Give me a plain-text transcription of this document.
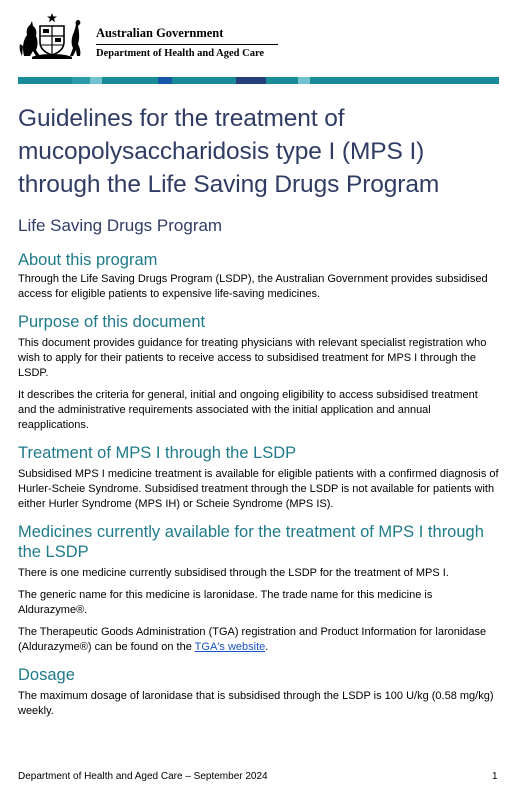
Australian Government
Department of Health and Aged Care
Guidelines for the treatment of mucopolysaccharidosis type I (MPS I) through the Life Saving Drugs Program
Life Saving Drugs Program
About this program

Through the Life Saving Drugs Program (LSDP), the Australian Government provides subsidised access for eligible patients to expensive life-saving medicines.

Purpose of this document

This document provides guidance for treating physicians with relevant specialist registration who wish to apply for their patients to receive access to subsidised treatment for MPS I through the LSDP.

It describes the criteria for general, initial and ongoing eligibility to access subsidised treatment and the administrative requirements associated with the initial application and annual reapplications.

Treatment of MPS I through the LSDP

Subsidised MPS I medicine treatment is available for eligible patients with a confirmed diagnosis of Hurler-Scheie Syndrome. Subsidised treatment through the LSDP is not available for patients with either Hurler Syndrome (MPS IH) or Scheie Syndrome (MPS IS).

Medicines currently available for the treatment of MPS I through the LSDP

There is one medicine currently subsidised through the LSDP for the treatment of MPS I.

The generic name for this medicine is laronidase. The trade name for this medicine is Aldurazyme®.

The Therapeutic Goods Administration (TGA) registration and Product Information for laronidase (Aldurazyme®) can be found on the TGA's website.

Dosage

The maximum dosage of laronidase that is subsidised through the LSDP is 100 U/kg (0.58 mg/kg) weekly.

Department of Health and Aged Care – September 2024	1
